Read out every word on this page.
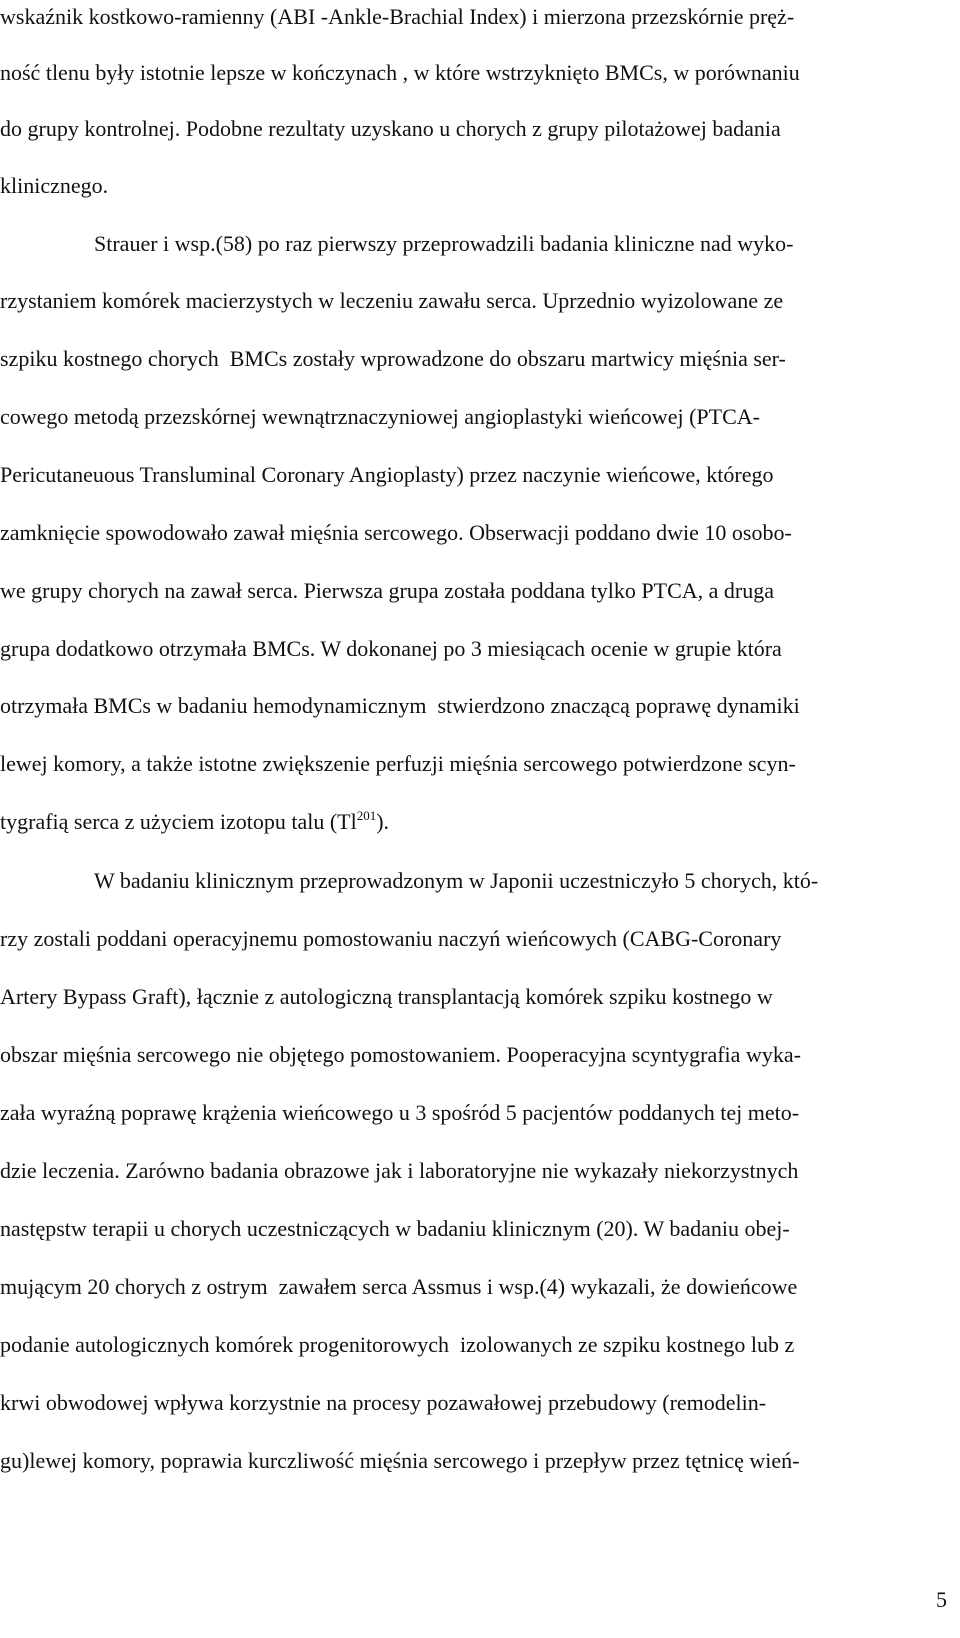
wskaźnik kostkowo-ramienny (ABI -Ankle-Brachial Index) i mierzona przezskórnie pręż-
ność tlenu były istotnie lepsze w kończynach , w które wstrzyknięto BMCs, w porównaniu
do grupy kontrolnej. Podobne rezultaty uzyskano u chorych z grupy pilotażowej badania
klinicznego.
Strauer i wsp.(58) po raz pierwszy przeprowadzili badania kliniczne nad wyko-
rzystaniem komórek macierzystych w leczeniu zawału serca. Uprzednio wyizolowane ze
szpiku kostnego chorych  BMCs zostały wprowadzone do obszaru martwicy mięśnia ser-
cowego metodą przezskórnej wewnątrznaczyniowej angioplastyki wieńcowej (PTCA-
Pericutaneuous Transluminal Coronary Angioplasty) przez naczynie wieńcowe, którego
zamknięcie spowodowało zawał mięśnia sercowego. Obserwacji poddano dwie 10 osobo-
we grupy chorych na zawał serca. Pierwsza grupa została poddana tylko PTCA, a druga
grupa dodatkowo otrzymała BMCs. W dokonanej po 3 miesiącach ocenie w grupie która
otrzymała BMCs w badaniu hemodynamicznym  stwierdzono znaczącą poprawę dynamiki
lewej komory, a także istotne zwiększenie perfuzji mięśnia sercowego potwierdzone scyn-
tygrafią serca z użyciem izotopu talu (Tl$^{201}$).
W badaniu klinicznym przeprowadzonym w Japonii uczestniczyło 5 chorych, któ-
rzy zostali poddani operacyjnemu pomostowaniu naczyń wieńcowych (CABG-Coronary
Artery Bypass Graft), łącznie z autologiczną transplantacją komórek szpiku kostnego w
obszar mięśnia sercowego nie objętego pomostowaniem. Pooperacyjna scyntygrafia wyka-
zała wyraźną poprawę krążenia wieńcowego u 3 spośród 5 pacjentów poddanych tej meto-
dzie leczenia. Zarówno badania obrazowe jak i laboratoryjne nie wykazały niekorzystnych
następstw terapii u chorych uczestniczących w badaniu klinicznym (20). W badaniu obej-
mującym 20 chorych z ostrym  zawałem serca Assmus i wsp.(4) wykazali, że dowieńcowe
podanie autologicznych komórek progenitorowych  izolowanych ze szpiku kostnego lub z
krwi obwodowej wpływa korzystnie na procesy pozawałowej przebudowy (remodelin-
gu)lewej komory, poprawia kurczliwość mięśnia sercowego i przepływ przez tętnicę wień-
5
